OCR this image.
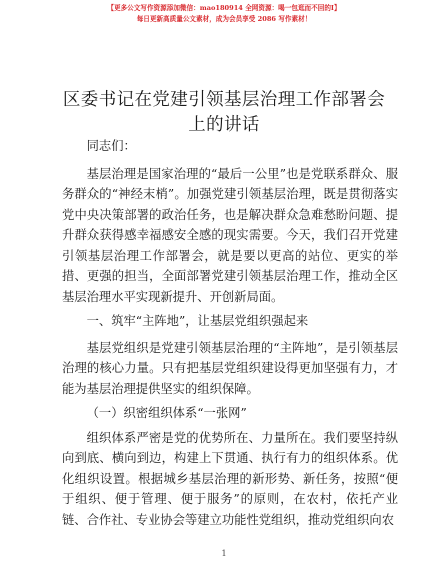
【更多公文写作资源添加微信：mao180914 全网资源：喝一包逛而不回的I】
每日更新高质量公文素材，成为会员享受 2086 写作素材！
区委书记在党建引领基层治理工作部署会上的讲话

同志们：

基层治理是国家治理的“最后一公里”也是党联系群众、服务群众的“神经末梢”。加强党建引领基层治理，既是贯彻落实党中央决策部署的政治任务，也是解决群众急难愁盼问题、提升群众获得感幸福感安全感的现实需要。今天，我们召开党建引领基层治理工作部署会，就是要以更高的站位、更实的举措、更强的担当，全面部署党建引领基层治理工作，推动全区基层治理水平实现新提升、开创新局面。

一、筑牢“主阵地”，让基层党组织强起来

基层党组织是党建引领基层治理的“主阵地”，是引领基层治理的核心力量。只有把基层党组织建设得更加坚强有力，才能为基层治理提供坚实的组织保障。

（一）织密组织体系“一张网”

组织体系严密是党的优势所在、力量所在。我们要坚持纵向到底、横向到边，构建上下贯通、执行有力的组织体系。优化组织设置。根据城乡基层治理的新形势、新任务，按照“便于组织、便于管理、便于服务”的原则，在农村，依托产业链、合作社、专业协会等建立功能性党组织，推动党组织向农

1
